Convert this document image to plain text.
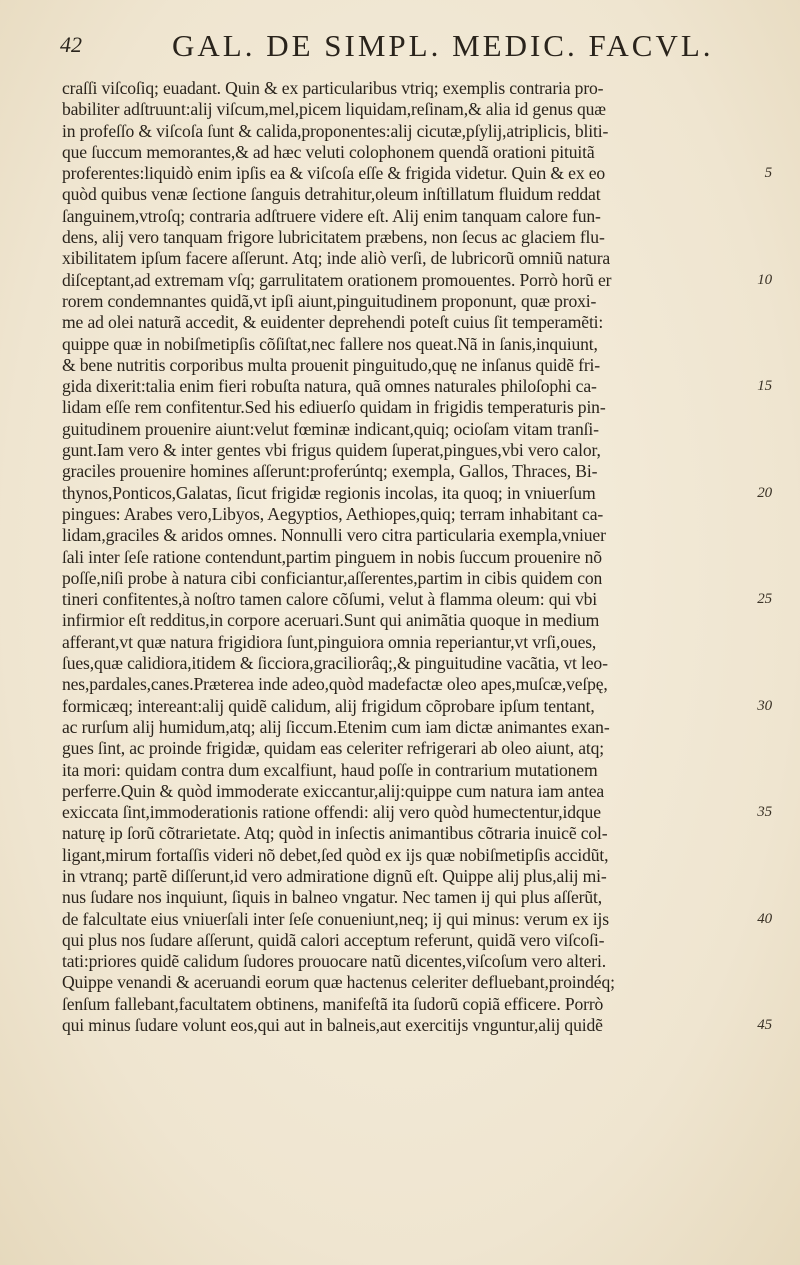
42	GAL. DE SIMPL. MEDIC. FACVL.
craſſi viſcoſiq; euadant. Quin & ex particularibus vtriq; exemplis contraria pro-
babiliter adſtruunt:alij viſcum,mel,picem liquidam,reſinam,& alia id genus quæ
in profeſſo & viſcoſa ſunt & calida,proponentes:alij cicutæ,pſylij,atriplicis, bliti-
que ſuccum memorantes,& ad hæc veluti colophonem quendã orationi pituitã
proferentes:liquidò enim ipſis ea & viſcoſa eſſe & frigida videtur. Quin & ex eo	5
quòd quibus venæ ſectione ſanguis detrahitur,oleum inſtillatum fluidum reddat
ſanguinem,vtroſq; contraria adſtruere videre eſt. Alij enim tanquam calore fun-
dens, alij vero tanquam frigore lubricitatem præbens, non ſecus ac glaciem flu-
xibilitatem ipſum facere aſſerunt. Atq; inde aliò verſi, de lubricorũ omniũ natura
diſceptant,ad extremam vſq; garrulitatem orationem promouentes. Porrò horũ er	10
rorem condemnantes quidã,vt ipſi aiunt,pinguitudinem proponunt, quæ proxi-
me ad olei naturã accedit, & euidenter deprehendi poteſt cuius ſit temperamẽti:
quippe quæ in nobiſmetipſis cõſiſtat,nec fallere nos queat.Nã in ſanis,inquiunt,
& bene nutritis corporibus multa prouenit pinguitudo,quę ne inſanus quidẽ fri-
gida dixerit:talia enim fieri robuſta natura, quã omnes naturales philoſophi ca-	15
lidam eſſe rem confitentur.Sed his ediuerſo quidam in frigidis temperaturis pin-
guitudinem prouenire aiunt:velut fœminæ indicant,quiq; ocioſam vitam tranſi-
gunt.Iam vero & inter gentes vbi frigus quidem ſuperat,pingues,vbi vero calor,
graciles prouenire homines aſſerunt:proferúntq; exempla, Gallos, Thraces, Bi-
thynos,Ponticos,Galatas, ſicut frigidæ regionis incolas, ita quoq; in vniuerſum	20
pingues: Arabes vero,Libyos, Aegyptios, Aethiopes,quiq; terram inhabitant ca-
lidam,graciles & aridos omnes. Nonnulli vero citra particularia exempla,vniuer
ſali inter ſeſe ratione contendunt,partim pinguem in nobis ſuccum prouenire nõ
poſſe,niſi probe à natura cibi conficiantur,aſſerentes,partim in cibis quidem con
tineri confitentes,à noſtro tamen calore cõſumi, velut à flamma oleum: qui vbi	25
infirmior eſt redditus,in corpore aceruari.Sunt qui animãtia quoque in medium
afferant,vt quæ natura frigidiora ſunt,pinguiora omnia reperiantur,vt vrſi,oues,
ſues,quæ calidiora,itidem & ſicciora,graciliorâq;,& pinguitudine vacãtia, vt leo-
nes,pardales,canes.Præterea inde adeo,quòd madefactæ oleo apes,muſcæ,veſpę,
formicæq; intereant:alij quidẽ calidum, alij frigidum cõprobare ipſum tentant,	30
ac rurſum alij humidum,atq; alij ſiccum.Etenim cum iam dictæ animantes exan-
gues ſint, ac proinde frigidæ, quidam eas celeriter refrigerari ab oleo aiunt, atq;
ita mori: quidam contra dum excalfiunt, haud poſſe in contrarium mutationem
perferre.Quin & quòd immoderate exiccantur,alij:quippe cum natura iam antea
exiccata ſint,immoderationis ratione offendi: alij vero quòd humectentur,idque	35
naturę ip ſorũ cõtrarietate. Atq; quòd in inſectis animantibus cõtraria inuicẽ col-
ligant,mirum fortaſſis videri nõ debet,ſed quòd ex ijs quæ nobiſmetipſis accidũt,
in vtranq; partẽ diſſerunt,id vero admiratione dignũ eſt. Quippe alij plus,alij mi-
nus ſudare nos inquiunt, ſiquis in balneo vngatur. Nec tamen ij qui plus aſſerũt,
de falcultate eius vniuerſali inter ſeſe conueniunt,neq; ij qui minus: verum ex ijs	40
qui plus nos ſudare aſſerunt, quidã calori acceptum referunt, quidã vero viſcoſi-
tati:priores quidẽ calidum ſudores prouocare natũ dicentes,viſcoſum vero alteri.
Quippe venandi & aceruandi eorum quæ hactenus celeriter defluebant,proindéq;
ſenſum fallebant,facultatem obtinens, manifeſtã ita ſudorũ copiã efficere. Porrò
qui minus ſudare volunt eos,qui aut in balneis,aut exercitijs vnguntur,alij quidẽ	45
